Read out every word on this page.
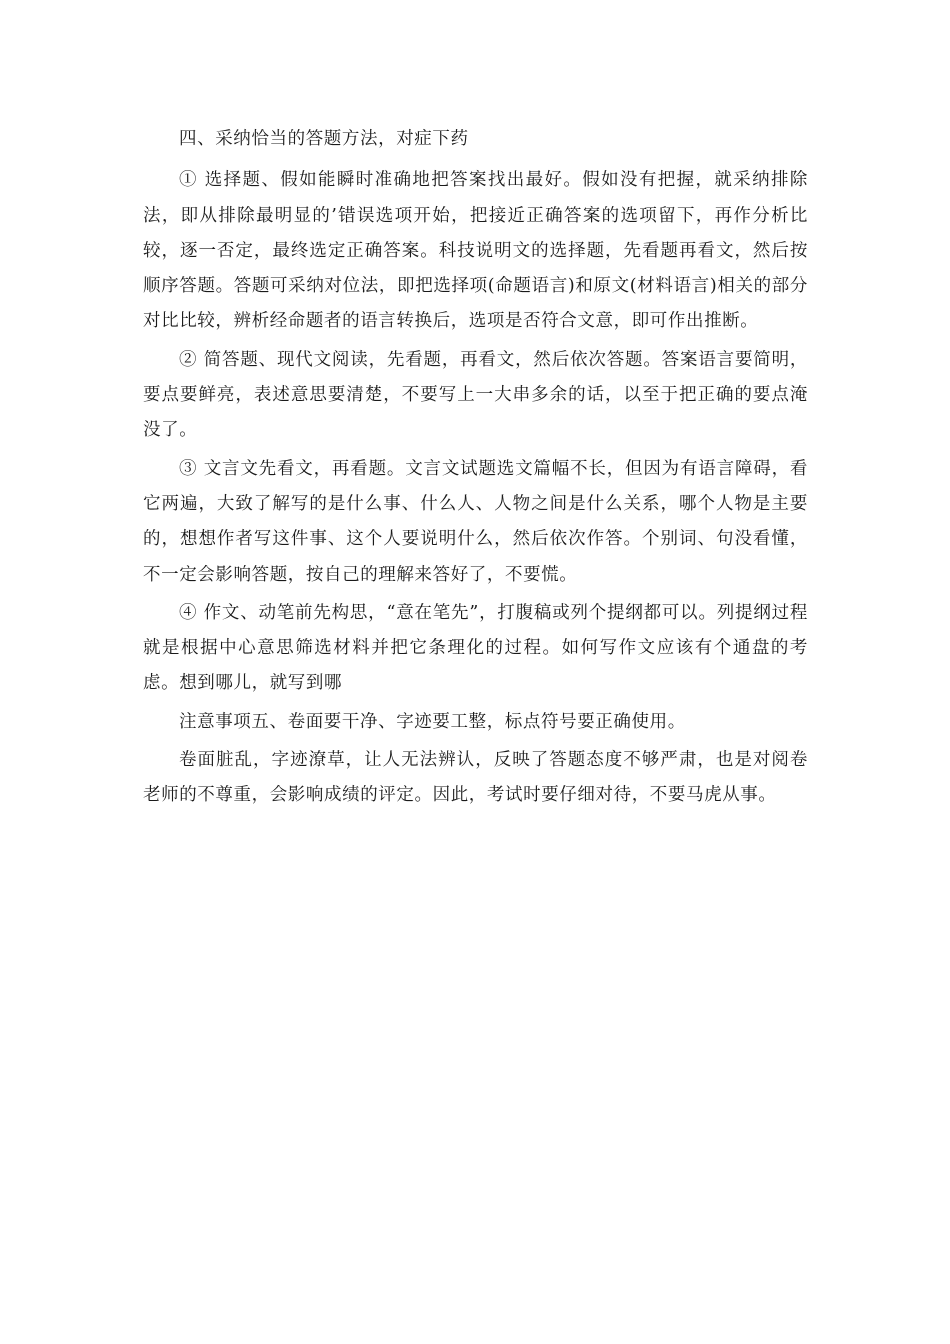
四、采纳恰当的答题方法，对症下药

① 选择题、假如能瞬时准确地把答案找出最好。假如没有把握，就采纳排除法，即从排除最明显的’错误选项开始，把接近正确答案的选项留下，再作分析比较，逐一否定，最终选定正确答案。科技说明文的选择题，先看题再看文，然后按顺序答题。答题可采纳对位法，即把选择项(命题语言)和原文(材料语言)相关的部分对比比较，辨析经命题者的语言转换后，选项是否符合文意，即可作出推断。

② 简答题、现代文阅读，先看题，再看文，然后依次答题。答案语言要简明，要点要鲜亮，表述意思要清楚，不要写上一大串多余的话，以至于把正确的要点淹没了。

③ 文言文先看文，再看题。文言文试题选文篇幅不长，但因为有语言障碍，看它两遍，大致了解写的是什么事、什么人、人物之间是什么关系，哪个人物是主要的，想想作者写这件事、这个人要说明什么，然后依次作答。个别词、句没看懂，不一定会影响答题，按自己的理解来答好了，不要慌。

④ 作文、动笔前先构思，“意在笔先”，打腹稿或列个提纲都可以。列提纲过程就是根据中心意思筛选材料并把它条理化的过程。如何写作文应该有个通盘的考虑。想到哪儿，就写到哪

注意事项五、卷面要干净、字迹要工整，标点符号要正确使用。

卷面脏乱，字迹潦草，让人无法辨认，反映了答题态度不够严肃，也是对阅卷老师的不尊重，会影响成绩的评定。因此，考试时要仔细对待，不要马虎从事。
